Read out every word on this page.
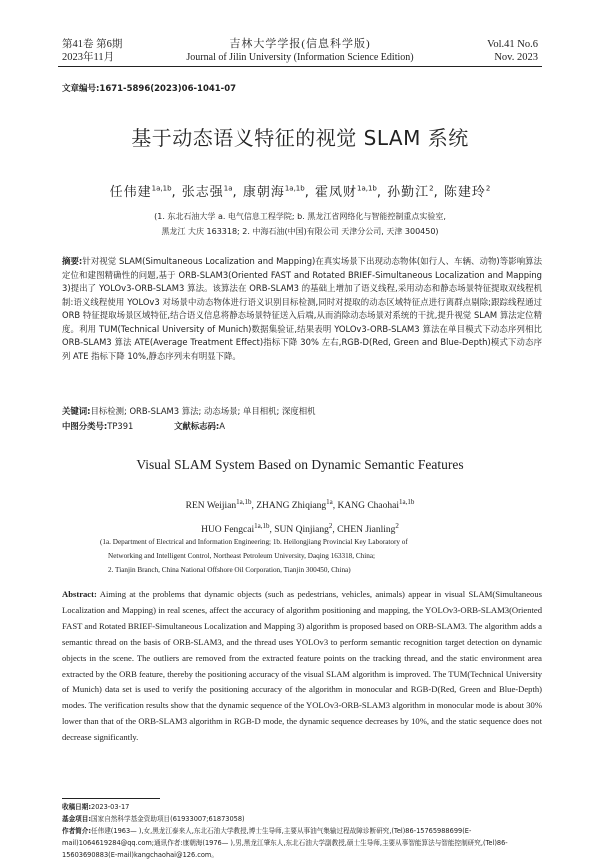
第41卷 第6期
2023年11月
吉林大学学报(信息科学版)
Journal of Jilin University (Information Science Edition)
Vol.41 No.6
Nov. 2023
文章编号:1671-5896(2023)06-1041-07
基于动态语义特征的视觉 SLAM 系统
任伟建$^{1a,1b}$, 张志强$^{1a}$, 康朝海$^{1a,1b}$, 霍凤财$^{1a,1b}$, 孙勤江$^2$, 陈建玲$^2$
(1. 东北石油大学 a. 电气信息工程学院; b. 黑龙江省网络化与智能控制重点实验室,
黑龙江 大庆 163318; 2. 中海石油(中国)有限公司 天津分公司, 天津 300450)
摘要:针对视觉 SLAM(Simultaneous Localization and Mapping)在真实场景下出现动态物体(如行人、车辆、动物)等影响算法定位和建图精确性的问题,基于 ORB-SLAM3(Oriented FAST and Rotated BRIEF-Simultaneous Localization and Mapping 3)提出了 YOLOv3-ORB-SLAM3 算法。该算法在 ORB-SLAM3 的基础上增加了语义线程,采用动态和静态场景特征提取双线程机制:语义线程使用 YOLOv3 对场景中动态物体进行语义识别目标检测,同时对提取的动态区域特征点进行离群点剔除;跟踪线程通过 ORB 特征提取场景区域特征,结合语义信息将静态场景特征送入后端,从而消除动态场景对系统的干扰,提升视觉 SLAM 算法定位精度。利用 TUM(Technical University of Munich)数据集验证,结果表明 YOLOv3-ORB-SLAM3 算法在单目模式下动态序列相比 ORB-SLAM3 算法 ATE(Average Treatment Effect)指标下降 30% 左右,RGB-D(Red, Green and Blue-Depth)模式下动态序列 ATE 指标下降 10%,静态序列未有明显下降。
关键词:目标检测; ORB-SLAM3 算法; 动态场景; 单目相机; 深度相机
中图分类号:TP391	文献标志码:A
Visual SLAM System Based on Dynamic Semantic Features
REN Weijian$^{1a,1b}$, ZHANG Zhiqiang$^{1a}$, KANG Chaohai$^{1a,1b}$
HUO Fengcai$^{1a,1b}$, SUN Qinjiang$^2$, CHEN Jianling$^2$
(1a. Department of Electrical and Information Engineering; 1b. Heilongjiang Provincial Key Laboratory of
Networking and Intelligent Control, Northeast Petroleum University, Daqing 163318, China;
2. Tianjin Branch, China National Offshore Oil Corporation, Tianjin 300450, China)
Abstract: Aiming at the problems that dynamic objects (such as pedestrians, vehicles, animals) appear in visual SLAM(Simultaneous Localization and Mapping) in real scenes, affect the accuracy of algorithm positioning and mapping, the YOLOv3-ORB-SLAM3(Oriented FAST and Rotated BRIEF-Simultaneous Localization and Mapping 3) algorithm is proposed based on ORB-SLAM3. The algorithm adds a semantic thread on the basis of ORB-SLAM3, and the thread uses YOLOv3 to perform semantic recognition target detection on dynamic objects in the scene. The outliers are removed from the extracted feature points on the tracking thread, and the static environment area extracted by the ORB feature, thereby the positioning accuracy of the visual SLAM algorithm is improved. The TUM(Technical University of Munich) data set is used to verify the positioning accuracy of the algorithm in monocular and RGB-D(Red, Green and Blue-Depth) modes. The verification results show that the dynamic sequence of the YOLOv3-ORB-SLAM3 algorithm in monocular mode is about 30% lower than that of the ORB-SLAM3 algorithm in RGB-D mode, the dynamic sequence decreases by 10%, and the static sequence does not decrease significantly.
收稿日期:2023-03-17
基金项目:国家自然科学基金资助项目(61933007;61873058)
作者简介:任伟建(1963— ),女,黑龙江泰来人,东北石油大学教授,博士生导师,主要从事油气集输过程故障诊断研究,(Tel)86-15765988699(E-mail)1064619284@qq.com;通讯作者:康朝海(1976— ),男,黑龙江肇东人,东北石油大学副教授,硕士生导师,主要从事智能算法与智能控制研究,(Tel)86-15603690883(E-mail)kangchaohai@126.com。
